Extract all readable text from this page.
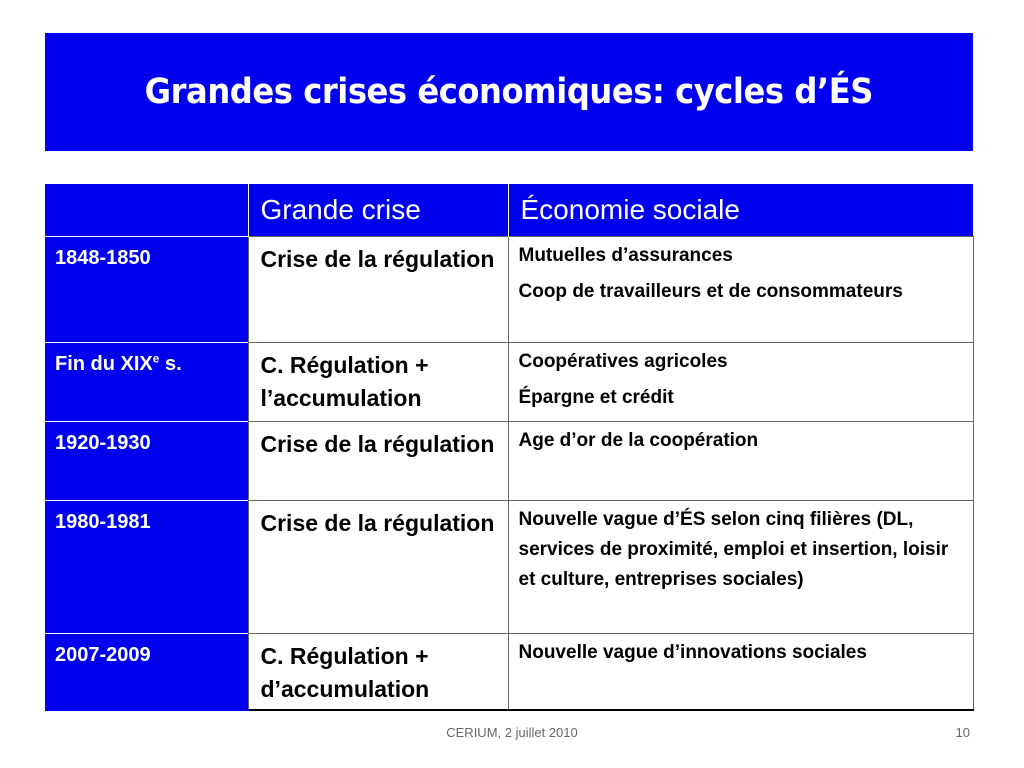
Grandes crises économiques: cycles d’ÉS
	Grande crise	Économie sociale
1848-1850	Crise de la régulation	Mutuelles d’assurances
Coop de travailleurs et de consommateurs

Fin du XIXe s.	C. Régulation + l’accumulation	Coopératives agricoles
Épargne et crédit

1920-1930	Crise de la régulation	Age d’or de la coopération

1980-1981	Crise de la régulation	Nouvelle vague d’ÉS selon cinq filières (DL, services de proximité, emploi et insertion, loisir et culture, entreprises sociales)

2007-2009	C. Régulation + d’accumulation	Nouvelle vague d’innovations sociales
CERIUM, 2 juillet 2010	10
